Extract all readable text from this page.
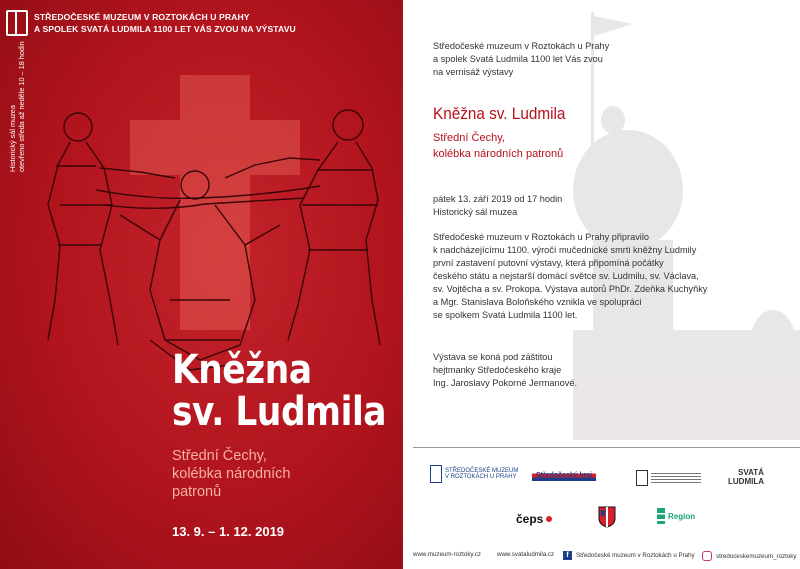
STŘEDOČESKÉ MUZEUM V ROZTOKÁCH U PRAHY
A SPOLEK SVATÁ LUDMILA 1100 LET VÁS ZVOU NA VÝSTAVU
Historický sál muzea otevřeno středa až neděle 10 – 18 hodin
Kněžna
sv. Ludmila
Střední Čechy,
kolébka národních
patronů
13. 9. – 1. 12. 2019
Středočeské muzeum v Roztokách u Prahy
a spolek Svatá Ludmila 1100 let Vás zvou
na vernisáž výstavy
Kněžna sv. Ludmila
Střední Čechy,
kolébka národních patronů
pátek 13. září 2019 od 17 hodin
Historický sál muzea
Středočeské muzeum v Roztokách u Prahy připravilo
k nadcházejícímu 1100. výročí mučednické smrti kněžny Ludmily
první zastavení putovní výstavy, která připomíná počátky
českého státu a nejstarší domácí světce sv. Ludmilu, sv. Václava,
sv. Vojtěcha a sv. Prokopa. Výstava autorů PhDr. Zdeňka Kuchyňky
a Mgr. Stanislava Boloňského vznikla ve spolupráci
se spolkem Svatá Ludmila 1100 let.
Výstava se koná pod záštitou
hejtmanky Středočeského kraje
Ing. Jaroslavy Pokorné Jermanové.
STŘEDOČESKÉ MUZEUM
V ROZTOKÁCH U PRAHY	Středočeský kraj	SVATÁ
LUDMILA
čeps	Region
www.muzeum-roztoky.cz	www.svataludmila.cz	f	Středočeské muzeum v Roztokách u Prahy	stredoceskemuzeum_roztoky
